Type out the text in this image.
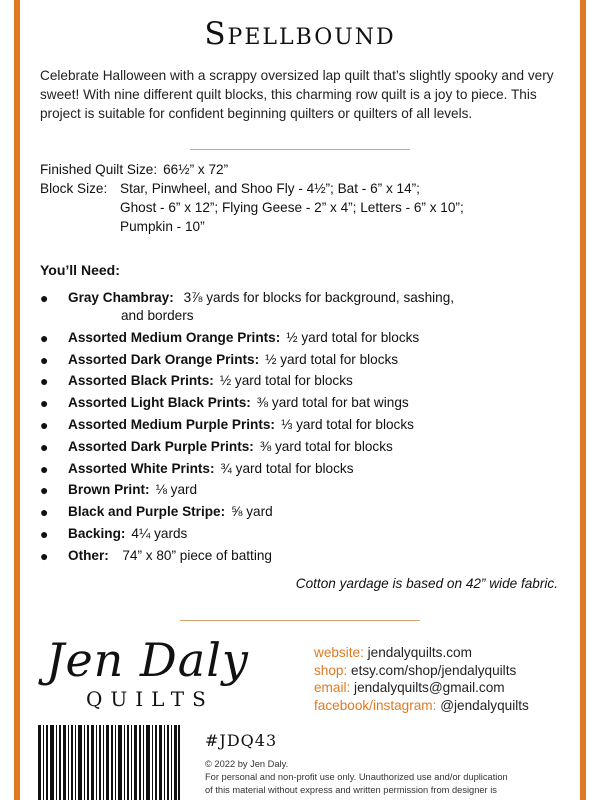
Spellbound

Celebrate Halloween with a scrappy oversized lap quilt that’s slightly spooky and very sweet! With nine different quilt blocks, this charming row quilt is a joy to piece. This project is suitable for confident beginning quilters or quilters of all levels.

Finished Quilt Size: 66½” x 72”
Block Size: Star, Pinwheel, and Shoo Fly - 4½”; Bat - 6” x 14”;
Ghost - 6” x 12”; Flying Geese - 2” x 4”; Letters - 6” x 10”;
Pumpkin - 10”
You’ll Need:
●	Gray Chambray: 3⅞ yards for blocks for background, sashing,
and borders
●	Assorted Medium Orange Prints: ½ yard total for blocks
●	Assorted Dark Orange Prints: ½ yard total for blocks
●	Assorted Black Prints: ½ yard total for blocks
●	Assorted Light Black Prints: ⅜ yard total for bat wings
●	Assorted Medium Purple Prints: ⅓ yard total for blocks
●	Assorted Dark Purple Prints: ⅜ yard total for blocks
●	Assorted White Prints: ¾ yard total for blocks
●	Brown Print: ⅛ yard
●	Black and Purple Stripe: ⅝ yard
●	Backing: 4¼ yards
●	Other: 74” x 80” piece of batting
Cotton yardage is based on 42” wide fabric.
Jen Daly
QUILTS
website: jendalyquilts.com
shop: etsy.com/shop/jendalyquilts
email: jendalyquilts@gmail.com
facebook/instagram: @jendalyquilts
#JDQ43
© 2022 by Jen Daly.
For personal and non-profit use only. Unauthorized use and/or duplication
of this material without express and written permission from designer is
